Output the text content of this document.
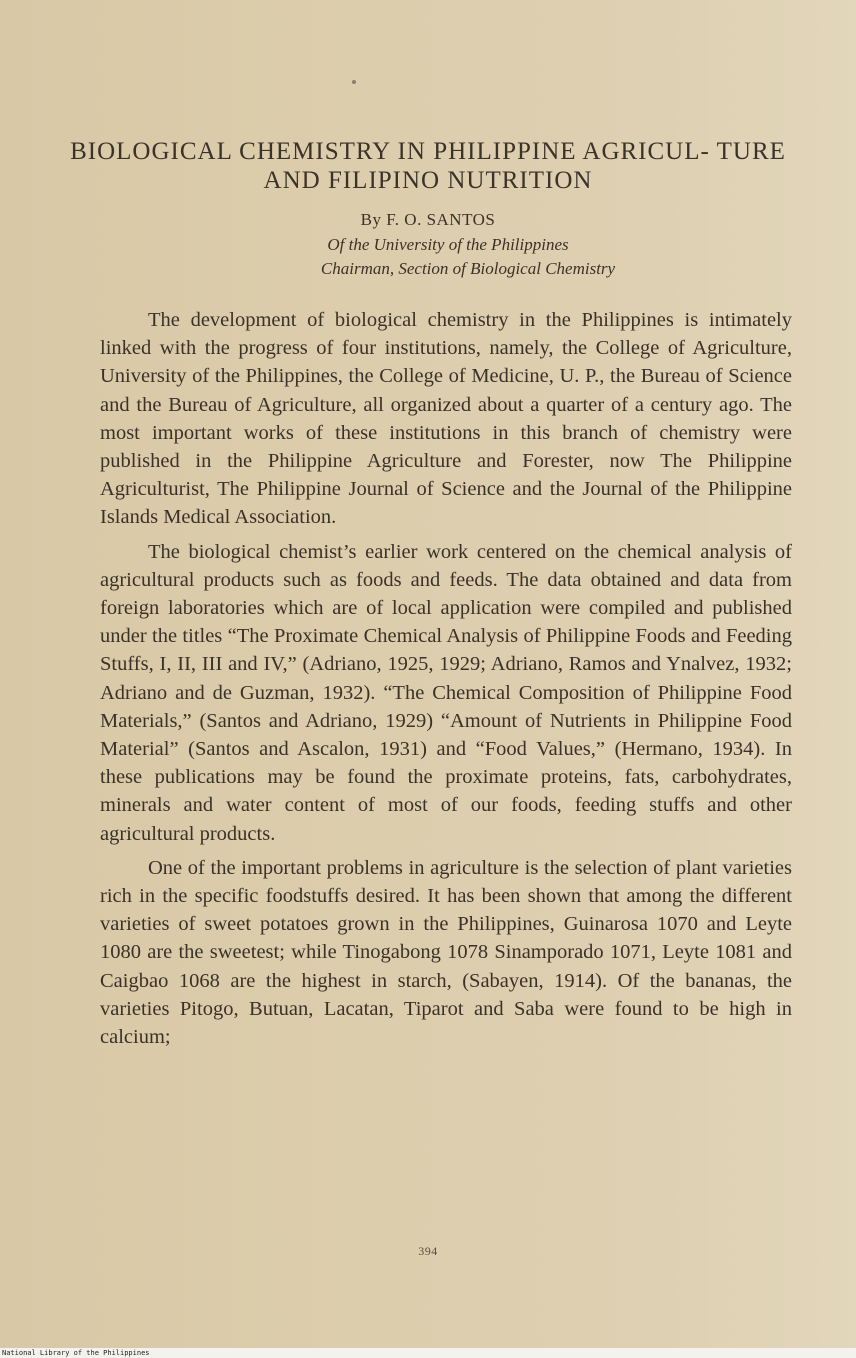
BIOLOGICAL CHEMISTRY IN PHILIPPINE AGRICUL- TURE AND FILIPINO NUTRITION
By F. O. SANTOS
Of the University of the Philippines
Chairman, Section of Biological Chemistry

The development of biological chemistry in the Philippines is intimately linked with the progress of four institutions, namely, the College of Agriculture, University of the Philippines, the College of Medicine, U. P., the Bureau of Science and the Bureau of Agriculture, all organized about a quarter of a century ago. The most important works of these institutions in this branch of chemistry were published in the Philippine Agriculture and Forester, now The Philippine Agriculturist, The Philippine Journal of Science and the Journal of the Philippine Islands Medical Association.

The biological chemist’s earlier work centered on the chemical analysis of agricultural products such as foods and feeds. The data obtained and data from foreign laboratories which are of local application were compiled and published under the titles “The Proximate Chemical Analysis of Philippine Foods and Feeding Stuffs, I, II, III and IV,” (Adriano, 1925, 1929; Adriano, Ramos and Ynalvez, 1932; Adriano and de Guzman, 1932). “The Chemical Composition of Philippine Food Materials,” (Santos and Adriano, 1929) “Amount of Nutrients in Philippine Food Material” (Santos and Ascalon, 1931) and “Food Values,” (Hermano, 1934). In these publications may be found the proximate proteins, fats, carbohydrates, minerals and water content of most of our foods, feeding stuffs and other agricultural products.

One of the important problems in agriculture is the selection of plant varieties rich in the specific foodstuffs desired. It has been shown that among the different varieties of sweet potatoes grown in the Philippines, Guinarosa 1070 and Leyte 1080 are the sweetest; while Tinogabong 1078 Sinamporado 1071, Leyte 1081 and Caigbao 1068 are the highest in starch, (Sabayen, 1914). Of the bananas, the varieties Pitogo, Butuan, Lacatan, Tiparot and Saba were found to be high in calcium;

394
National Library of the Philippines
